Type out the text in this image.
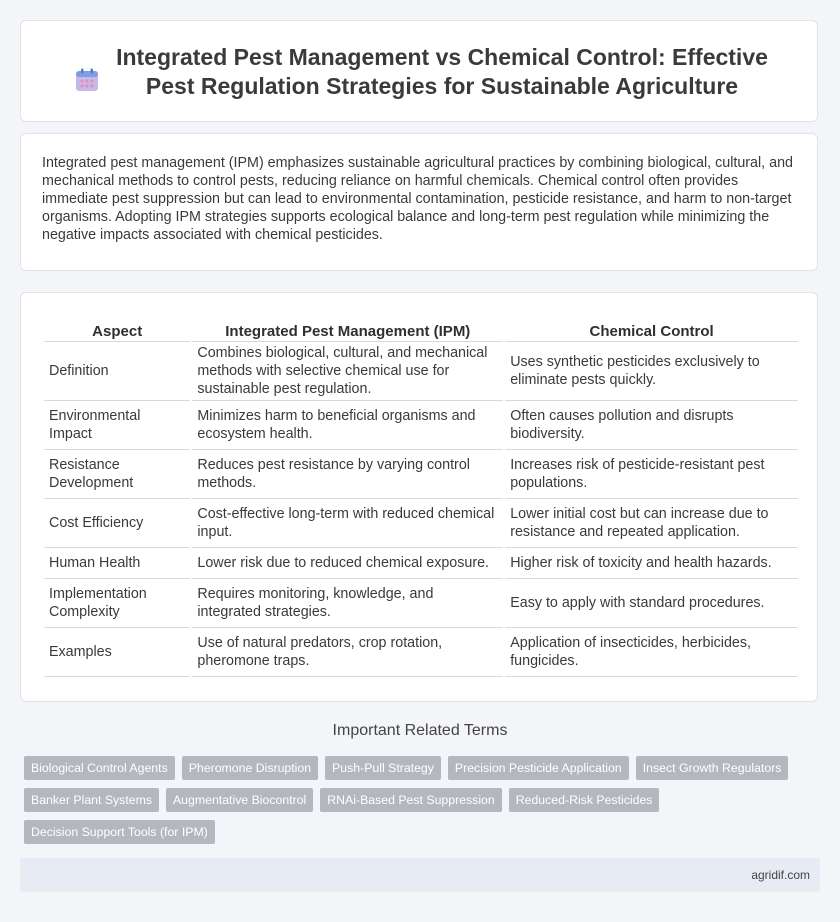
Integrated Pest Management vs Chemical Control: Effective Pest Regulation Strategies for Sustainable Agriculture

Integrated pest management (IPM) emphasizes sustainable agricultural practices by combining biological, cultural, and mechanical methods to control pests, reducing reliance on harmful chemicals. Chemical control often provides immediate pest suppression but can lead to environmental contamination, pesticide resistance, and harm to non-target organisms. Adopting IPM strategies supports ecological balance and long-term pest regulation while minimizing the negative impacts associated with chemical pesticides.

Aspect	Integrated Pest Management (IPM)	Chemical Control
Definition	Combines biological, cultural, and mechanical methods with selective chemical use for sustainable pest regulation.	Uses synthetic pesticides exclusively to eliminate pests quickly.
Environmental Impact	Minimizes harm to beneficial organisms and ecosystem health.	Often causes pollution and disrupts biodiversity.
Resistance Development	Reduces pest resistance by varying control methods.	Increases risk of pesticide-resistant pest populations.
Cost Efficiency	Cost-effective long-term with reduced chemical input.	Lower initial cost but can increase due to resistance and repeated application.
Human Health	Lower risk due to reduced chemical exposure.	Higher risk of toxicity and health hazards.
Implementation Complexity	Requires monitoring, knowledge, and integrated strategies.	Easy to apply with standard procedures.
Examples	Use of natural predators, crop rotation, pheromone traps.	Application of insecticides, herbicides, fungicides.
Important Related Terms
Biological Control Agents	Pheromone Disruption	Push-Pull Strategy	Precision Pesticide Application	Insect Growth Regulators
Banker Plant Systems	Augmentative Biocontrol	RNAi-Based Pest Suppression	Reduced-Risk Pesticides
Decision Support Tools (for IPM)
agridif.com
